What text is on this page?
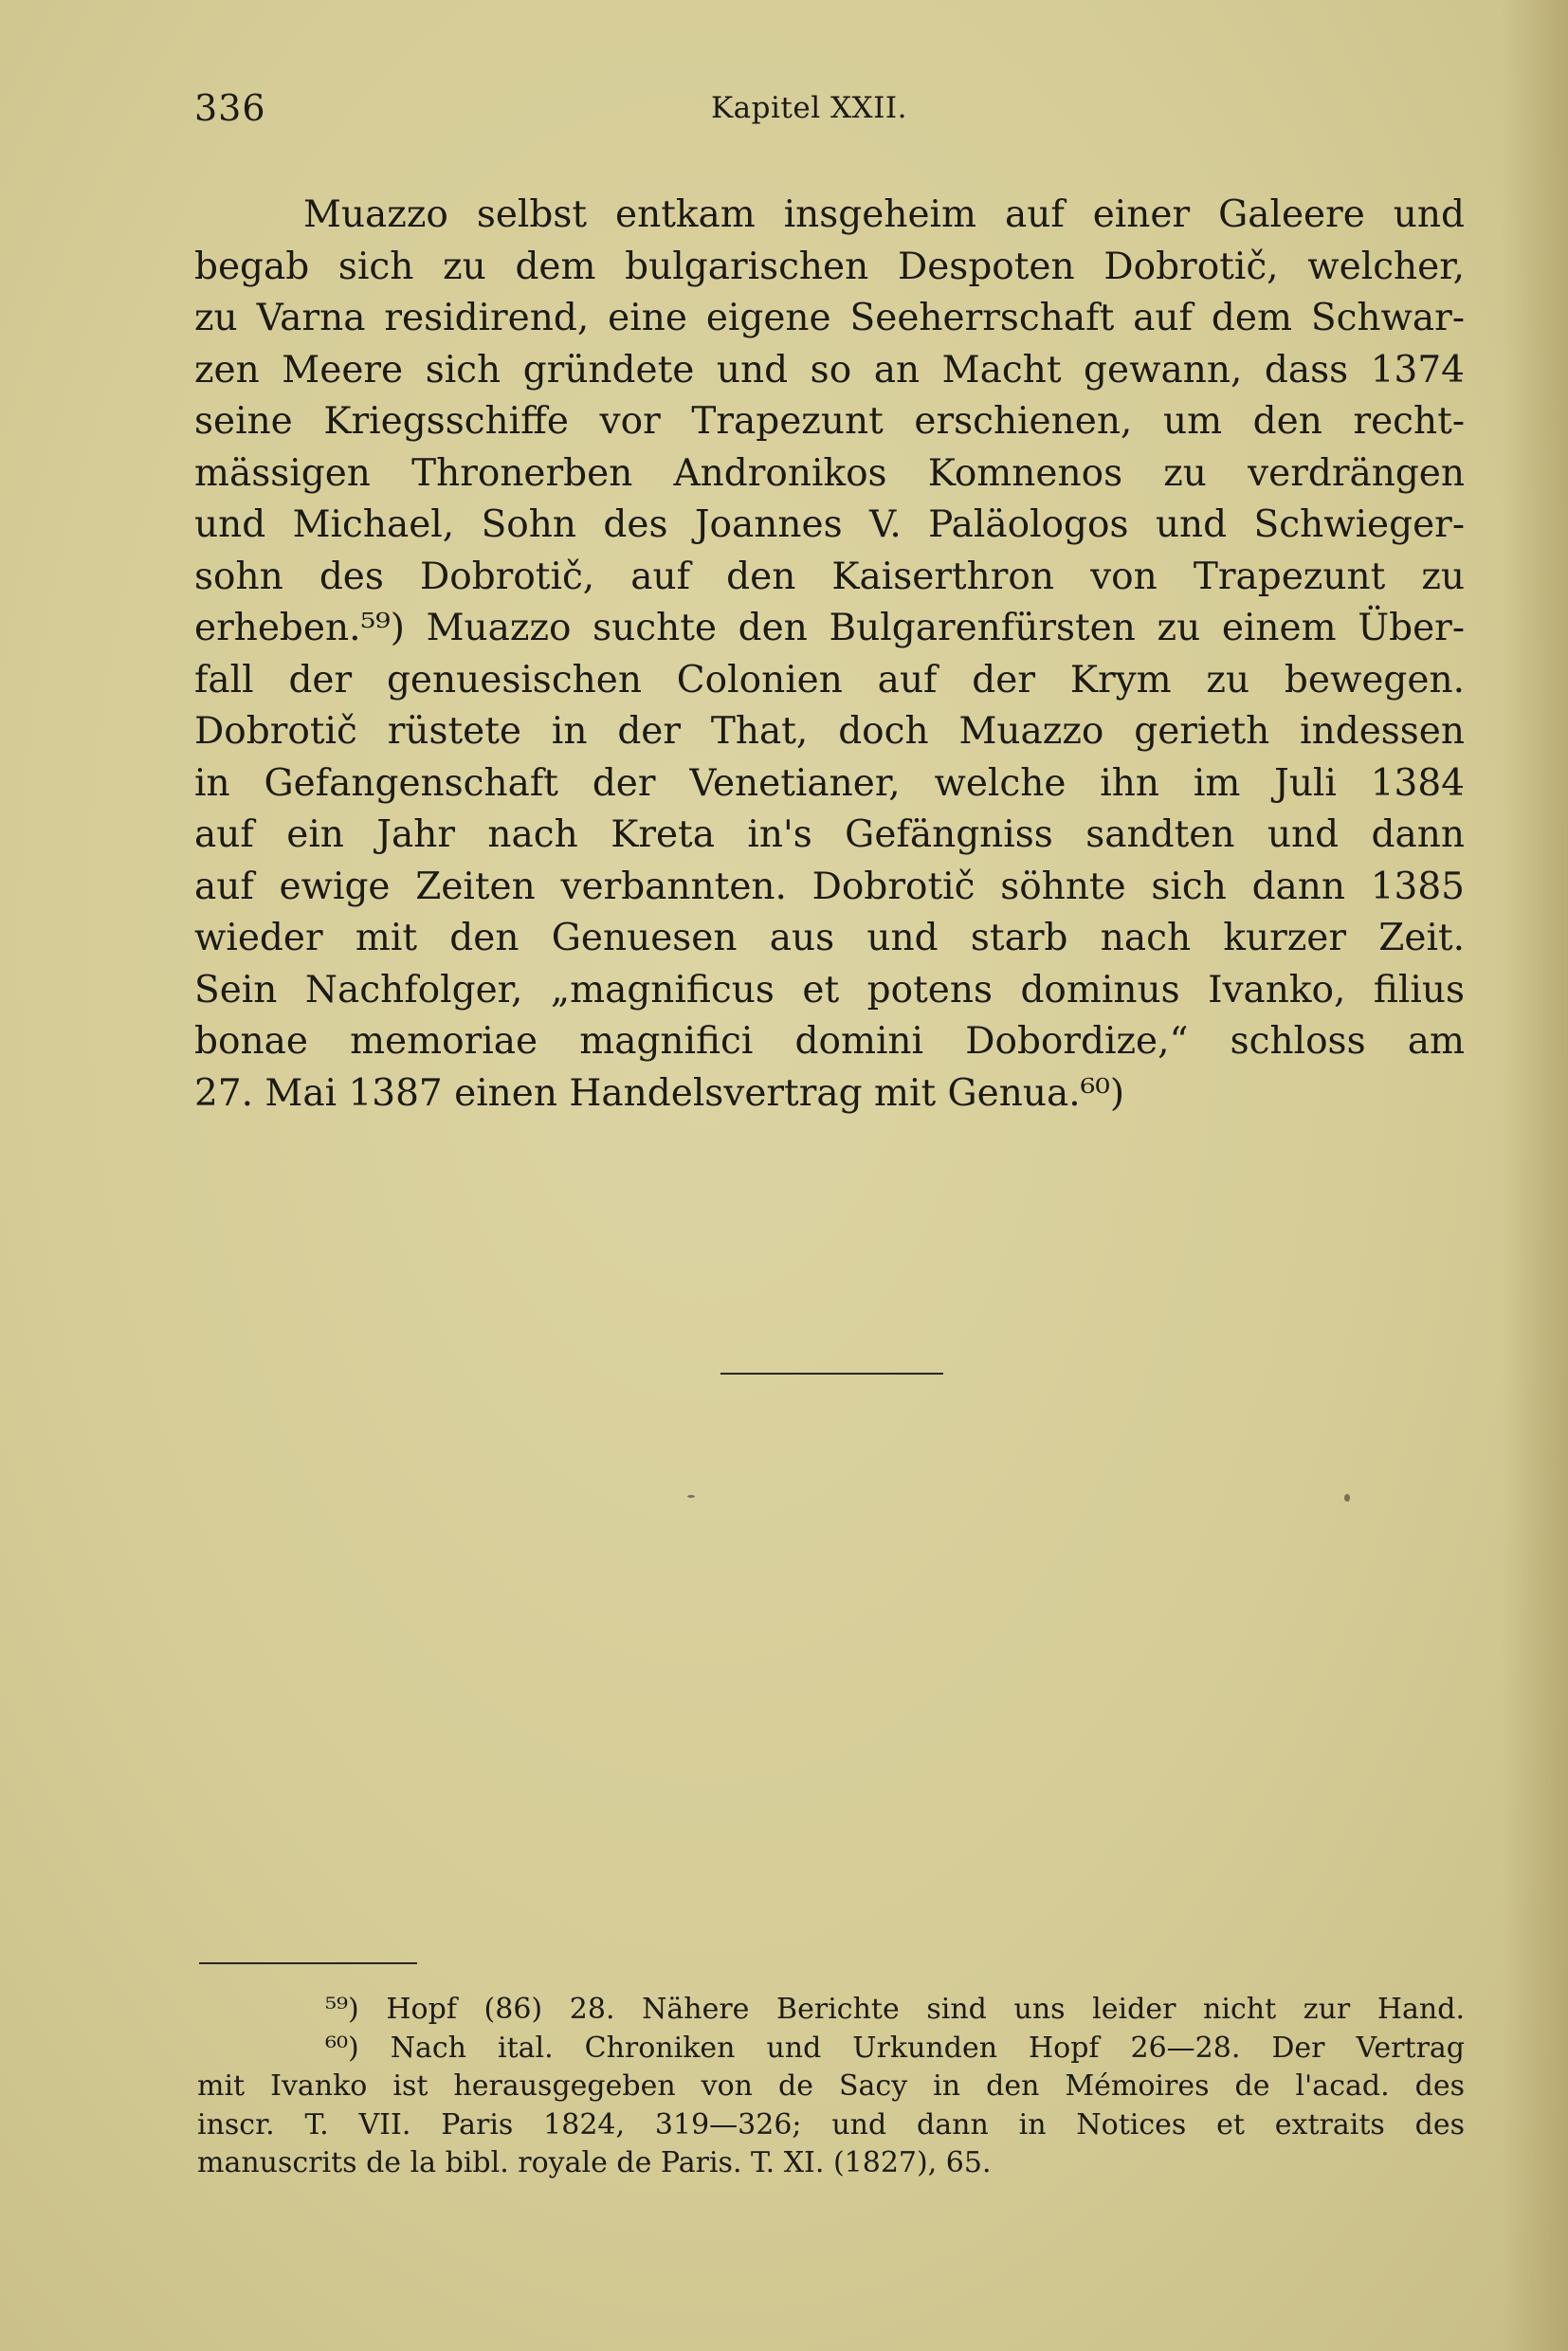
336	Kapitel XXII.
Muazzo selbst entkam insgeheim auf einer Galeere und
begab sich zu dem bulgarischen Despoten Dobrotič, welcher,
zu Varna residirend, eine eigene Seeherrschaft auf dem Schwar-
zen Meere sich gründete und so an Macht gewann, dass 1374
seine Kriegsschiffe vor Trapezunt erschienen, um den recht-
mässigen Thronerben Andronikos Komnenos zu verdrängen
und Michael, Sohn des Joannes V. Paläologos und Schwieger-
sohn des Dobrotič, auf den Kaiserthron von Trapezunt zu
erheben.⁵⁹) Muazzo suchte den Bulgarenfürsten zu einem Über-
fall der genuesischen Colonien auf der Krym zu bewegen.
Dobrotič rüstete in der That, doch Muazzo gerieth indessen
in Gefangenschaft der Venetianer, welche ihn im Juli 1384
auf ein Jahr nach Kreta in's Gefängniss sandten und dann
auf ewige Zeiten verbannten. Dobrotič söhnte sich dann 1385
wieder mit den Genuesen aus und starb nach kurzer Zeit.
Sein Nachfolger, „magnificus et potens dominus Ivanko, filius
bonae memoriae magnifici domini Dobordize,“ schloss am
27. Mai 1387 einen Handelsvertrag mit Genua.⁶⁰)
⁵⁹) Hopf (86) 28. Nähere Berichte sind uns leider nicht zur Hand.
⁶⁰) Nach ital. Chroniken und Urkunden Hopf 26—28. Der Vertrag
mit Ivanko ist herausgegeben von de Sacy in den Mémoires de l'acad. des
inscr. T. VII. Paris 1824, 319—326; und dann in Notices et extraits des
manuscrits de la bibl. royale de Paris. T. XI. (1827), 65.
